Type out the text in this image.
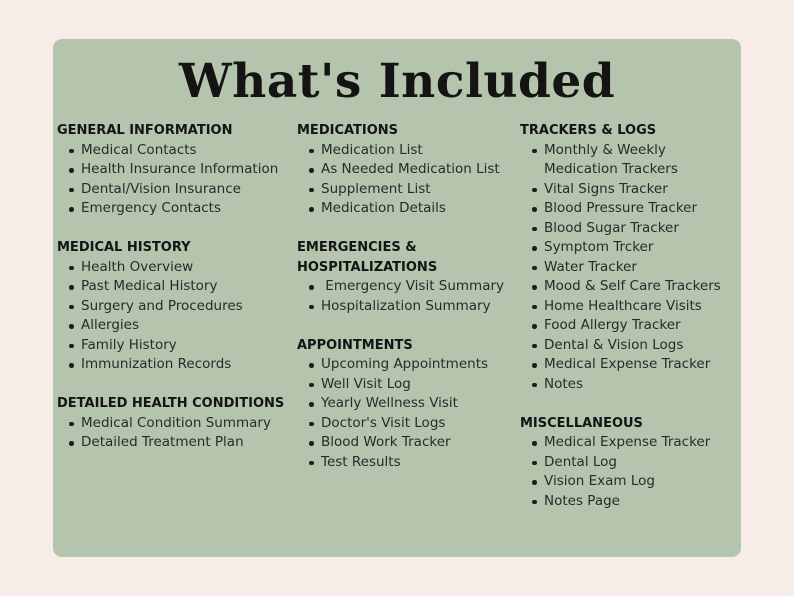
What's Included
GENERAL INFORMATION
Medical Contacts
Health Insurance Information
Dental/Vision Insurance
Emergency Contacts
MEDICAL HISTORY
Health Overview
Past Medical History
Surgery and Procedures
Allergies
Family History
Immunization Records
DETAILED HEALTH CONDITIONS
Medical Condition Summary
Detailed Treatment Plan
MEDICATIONS
Medication List
As Needed Medication List
Supplement List
Medication Details
EMERGENCIES & HOSPITALIZATIONS
Emergency Visit Summary
Hospitalization Summary
APPOINTMENTS
Upcoming Appointments
Well Visit Log
Yearly Wellness Visit
Doctor's Visit Logs
Blood Work Tracker
Test Results
TRACKERS & LOGS
Monthly & Weekly Medication Trackers
Vital Signs Tracker
Blood Pressure Tracker
Blood Sugar Tracker
Symptom Trcker
Water Tracker
Mood & Self Care Trackers
Home Healthcare Visits
Food Allergy Tracker
Dental & Vision Logs
Medical Expense Tracker
Notes
MISCELLANEOUS
Medical Expense Tracker
Dental Log
Vision Exam Log
Notes Page
